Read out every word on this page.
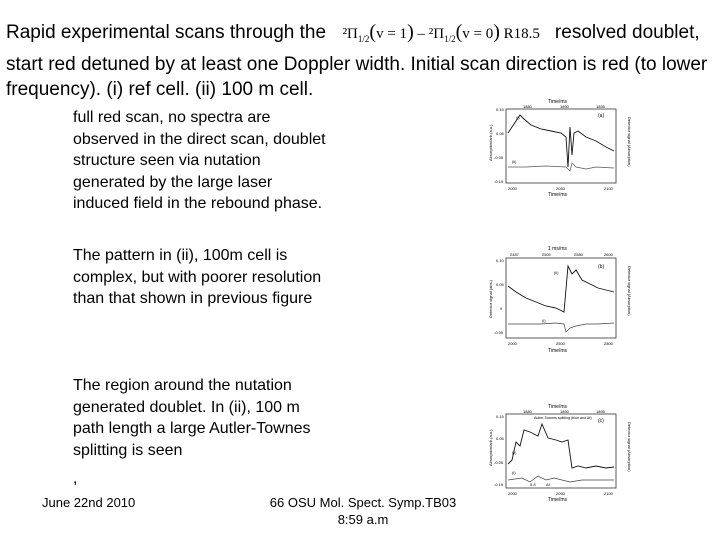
Rapid experimental scans through the $^2\Pi_{1/2}(v = 1) - ^2\Pi_{1/2}(v = 0)$ R18.5 resolved doublet, start red detuned by at least one Doppler width. Initial scan direction is red (to lower frequency). (i) ref cell. (ii) 100 m cell.

full red scan, no spectra are observed in the direct scan, doublet structure seen via nutation generated by the large laser induced field in the rebound phase.

The pattern in (ii), 100m cell is complex, but with poorer resolution than that shown in previous figure

The region around the nutation generated doublet. In (ii), 100 m path length a large Autler-Townes splitting is seen

,

June 22nd 2010	66 OSU Mol. Spect. Symp.TB03
8:59 a.m
Time/ms
1880	1890	1895
0.15
0.05
-0.05
-0.15
Absorption/arb.(a.u.)	Detector signal (Absorption)
(a)
(i)
(ii)
2000	2050	2100
Time/ms
1 ms/ms
2487	2500	2580	2600
0.10
0.05
0
-0.05
Detector signal (abs.)	Detector signal (Absorption)
(b)
(ii)
(i)
2000	2500	2800
Time/ms
Time/ms
1880	1890	1895
0.15
0.05
-0.05
-0.15
Absorption/arb.(a.u.)	Detector signal (Absorption)
(c)
Autler-Townes splitting (blue and Δf)
(ii)
(i)
δ-δ	Δf
2000	2050	2100
Time/ms
